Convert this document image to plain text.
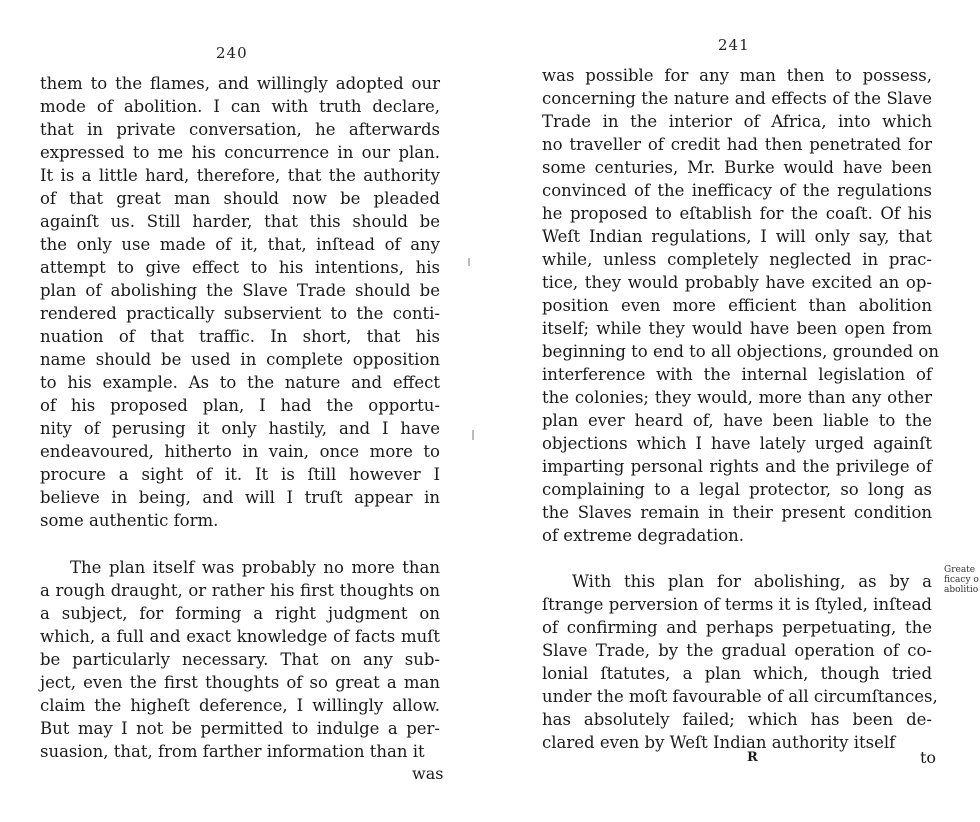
240
them to the flames, and willingly adopted our
mode of abolition. I can with truth declare,
that in private conversation, he afterwards
expressed to me his concurrence in our plan.
It is a little hard, therefore, that the authority
of that great man should now be pleaded
againſt us. Still harder, that this should be
the only use made of it, that, inſtead of any
attempt to give effect to his intentions, his
plan of abolishing the Slave Trade should be
rendered practically subservient to the conti-
nuation of that traffic. In short, that his
name should be used in complete opposition
to his example. As to the nature and effect
of his proposed plan, I had the opportu-
nity of perusing it only hastily, and I have
endeavoured, hitherto in vain, once more to
procure a sight of it. It is ſtill however I
believe in being, and will I truſt appear in
some authentic form.
The plan itself was probably no more than
a rough draught, or rather his first thoughts on
a subject, for forming a right judgment on
which, a full and exact knowledge of facts muſt
be particularly necessary. That on any sub-
ject, even the first thoughts of so great a man
claim the higheſt deference, I willingly allow.
But may I not be permitted to indulge a per-
suasion, that, from farther information than it
was
241
was possible for any man then to possess,
concerning the nature and effects of the Slave
Trade in the interior of Africa, into which
no traveller of credit had then penetrated for
some centuries, Mr. Burke would have been
convinced of the inefficacy of the regulations
he proposed to eſtablish for the coaſt. Of his
Weſt Indian regulations, I will only say, that
while, unless completely neglected in prac-
tice, they would probably have excited an op-
position even more efficient than abolition
itself; while they would have been open from
beginning to end to all objections, grounded on
interference with the internal legislation of
the colonies; they would, more than any other
plan ever heard of, have been liable to the
objections which I have lately urged againſt
imparting personal rights and the privilege of
complaining to a legal protector, so long as
the Slaves remain in their present condition
of extreme degradation.
With this plan for abolishing, as by a
ſtrange perversion of terms it is ſtyled, inſtead
of confirming and perhaps perpetuating, the
Slave Trade, by the gradual operation of co-
lonial ſtatutes, a plan which, though tried
under the moſt favourable of all circumſtances,
has absolutely failed; which has been de-
clared even by Weſt Indian authority itself
R	to
Greate
ficacy o
abolitio
